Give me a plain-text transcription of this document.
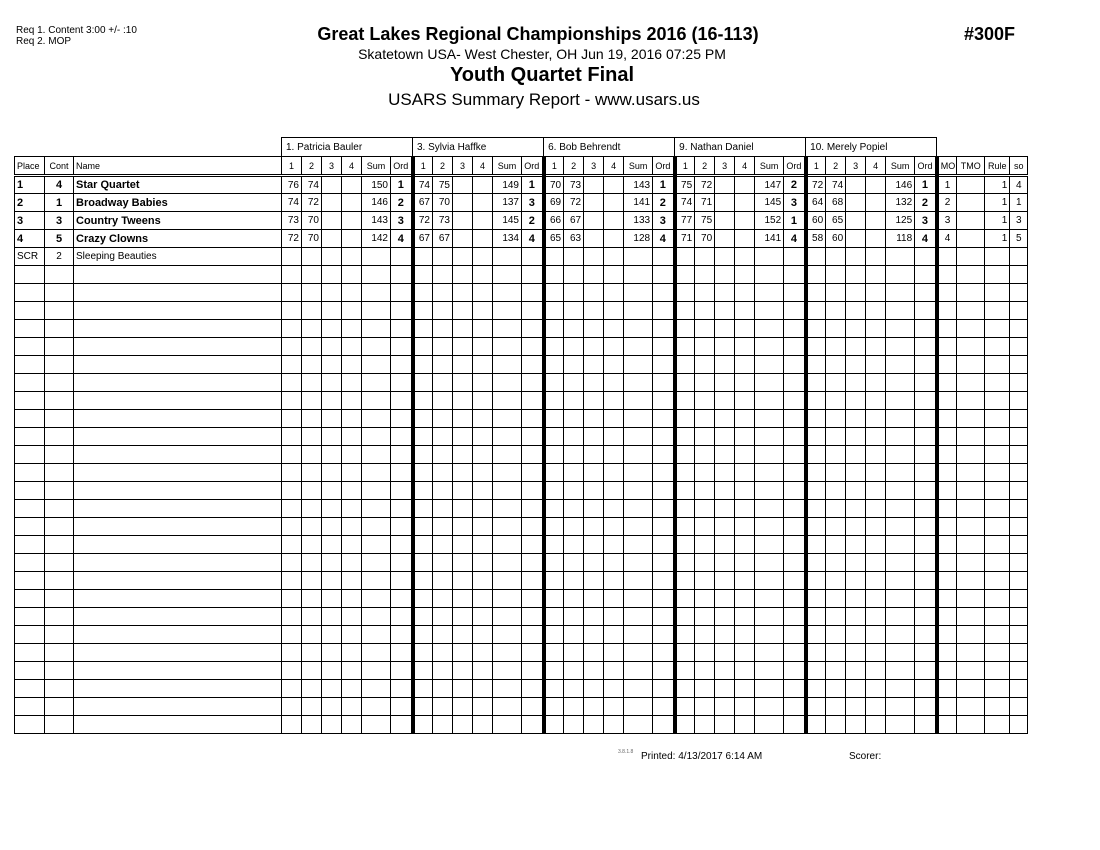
Req 1. Content 3:00 +/- :10
Req 2. MOP	Great Lakes Regional Championships 2016 (16-113)
Skatetown USA- West Chester, OH Jun 19, 2016 07:25 PM
Youth Quartet Final
USARS Summary Report - www.usars.us
#300F
			1. Patricia Bauler						3. Sylvia Haffke						6. Bob Behrendt						9. Nathan Daniel						10. Merely Popiel									
Place	Cont	Name	1	2	3	4	Sum	Ord	1	2	3	4	Sum	Ord	1	2	3	4	Sum	Ord	1	2	3	4	Sum	Ord	1	2	3	4	Sum	Ord	MO	TMO	Rule	so
1	4	Star Quartet	76	74			150	1	74	75			149	1	70	73			143	1	75	72			147	2	72	74			146	1	1		1	4
2	1	Broadway Babies	74	72			146	2	67	70			137	3	69	72			141	2	74	71			145	3	64	68			132	2	2		1	1
3	3	Country Tweens	73	70			143	3	72	73			145	2	66	67			133	3	77	75			152	1	60	65			125	3	3		1	3
4	5	Crazy Clowns	72	70			142	4	67	67			134	4	65	63			128	4	71	70			141	4	58	60			118	4	4		1	5
SCR	2	Sleeping Beauties																																		

3.8.1.8 Printed: 4/13/2017 6:14 AM	Scorer:
